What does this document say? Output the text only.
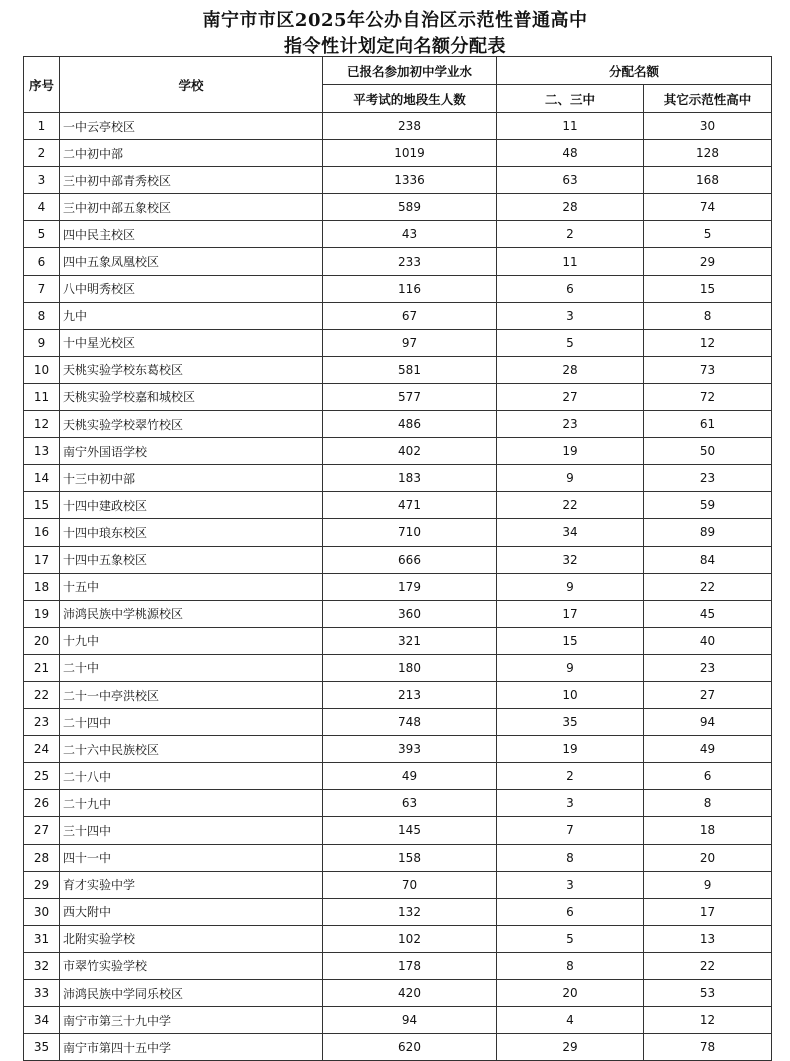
南宁市市区2025年公办自治区示范性普通高中
指令性计划定向名额分配表
序号	学校	已报名参加初中学业水	分配名额	
		平考试的地段生人数	二、三中	其它示范性高中
1	一中云亭校区	238	11	30
2	二中初中部	1019	48	128
3	三中初中部青秀校区	1336	63	168
4	三中初中部五象校区	589	28	74
5	四中民主校区	43	2	5
6	四中五象凤凰校区	233	11	29
7	八中明秀校区	116	6	15
8	九中	67	3	8
9	十中星光校区	97	5	12
10	天桃实验学校东葛校区	581	28	73
11	天桃实验学校嘉和城校区	577	27	72
12	天桃实验学校翠竹校区	486	23	61
13	南宁外国语学校	402	19	50
14	十三中初中部	183	9	23
15	十四中建政校区	471	22	59
16	十四中琅东校区	710	34	89
17	十四中五象校区	666	32	84
18	十五中	179	9	22
19	沛鸿民族中学桃源校区	360	17	45
20	十九中	321	15	40
21	二十中	180	9	23
22	二十一中亭洪校区	213	10	27
23	二十四中	748	35	94
24	二十六中民族校区	393	19	49
25	二十八中	49	2	6
26	二十九中	63	3	8
27	三十四中	145	7	18
28	四十一中	158	8	20
29	育才实验中学	70	3	9
30	西大附中	132	6	17
31	北附实验学校	102	5	13
32	市翠竹实验学校	178	8	22
33	沛鸿民族中学同乐校区	420	20	53
34	南宁市第三十九中学	94	4	12
35	南宁市第四十五中学	620	29	78
